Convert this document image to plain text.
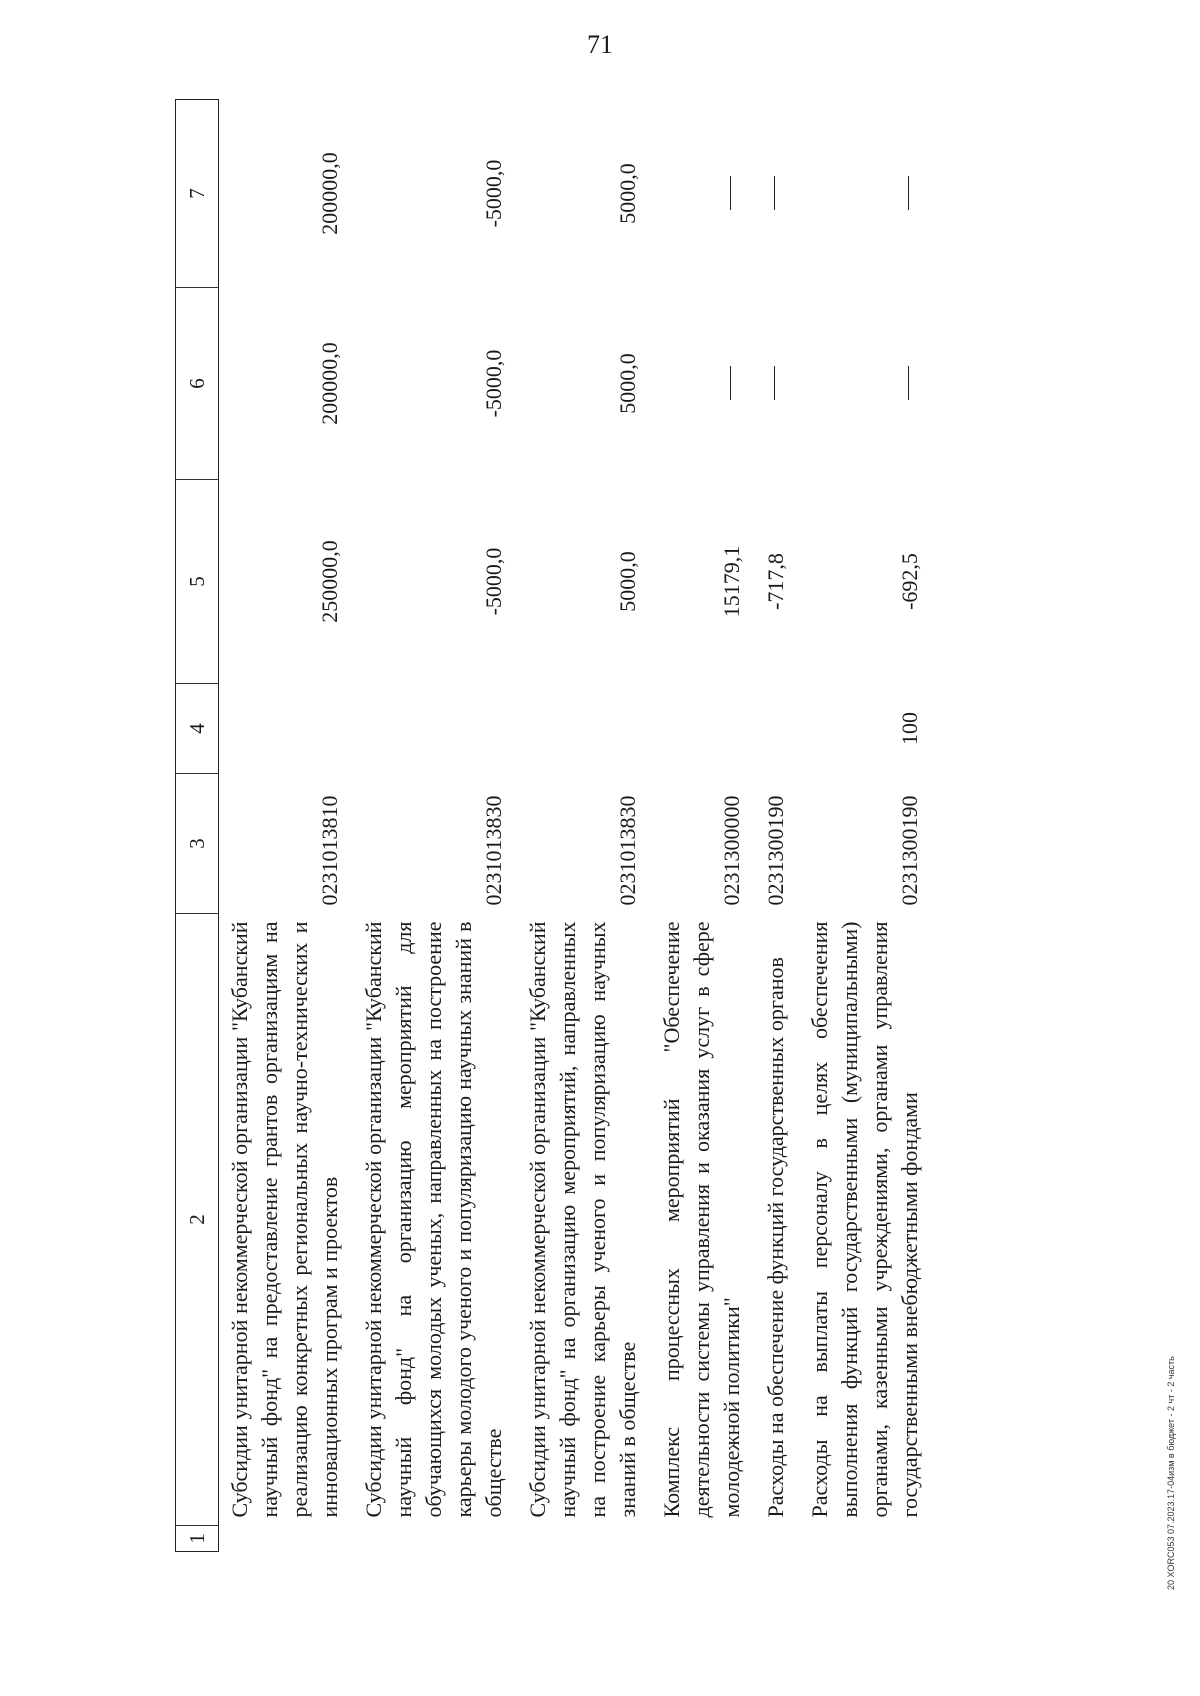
71
1	2	3	4	5	6	7
	Субсидии унитарной некоммерческой организации "Кубанский научный фонд" на предоставление грантов организациям на реализацию конкретных региональных научно-технических и инновационных програм и проектов	0231013810		250000,0	200000,0	200000,0
	Субсидии унитарной некоммерческой организации "Кубанский научный фонд" на организацию мероприятий для обучающихся молодых ученых, направленных на построение карьеры молодого ученого и популяризацию научных знаний в обществе	0231013830		-5000,0	-5000,0	-5000,0
	Субсидии унитарной некоммерческой организации "Кубанский научный фонд" на организацию мероприятий, направленных на построение карьеры ученого и популяризацию научных знаний в обществе	0231013830		5000,0	5000,0	5000,0
	Комплекс процессных мероприятий "Обеспечение деятельности системы управления и оказания услуг в сфере молодежной политики"	0231300000		15179,1		
	Расходы на обеспечение функций государственных органов	0231300190		-717,8		
	Расходы на выплаты персоналу в целях обеспечения выполнения функций государственными (муниципальными) органами, казенными учреждениями, органами управления государственными внебюджетными фондами	0231300190	100	-692,5		
20 XORC053 07.2023.17-04изм в бюджет - 2 чт - 2 часть
